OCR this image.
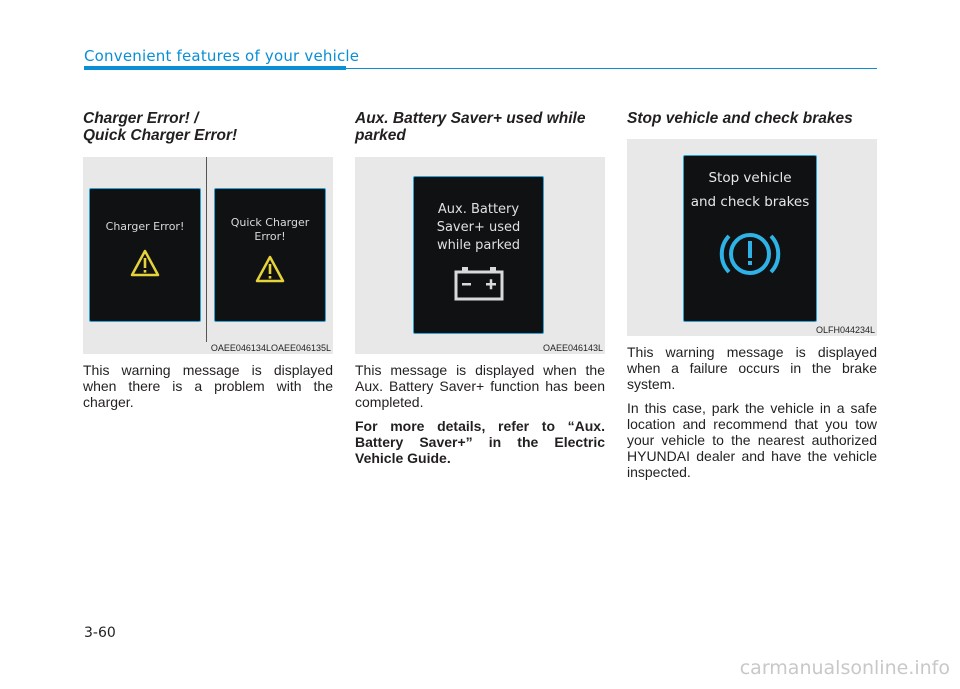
Convenient features of your vehicle
Charger Error! /
Quick Charger Error!
Charger Error!	Quick Charger
Error!
OAEE046134LOAEE046135L

This warning message is displayed when there is a problem with the charger.

Aux. Battery Saver+ used while
parked
Aux. Battery
Saver+ used
while parked
OAEE046143L

This message is displayed when the Aux. Battery Saver+ function has been completed.

For more details, refer to “Aux. Battery Saver+” in the Electric Vehicle Guide.

Stop vehicle and check brakes
Stop vehicle
and check brakes
OLFH044234L

This warning message is displayed when a failure occurs in the brake system.

In this case, park the vehicle in a safe location and recommend that you tow your vehicle to the nearest authorized HYUNDAI dealer and have the vehicle inspected.

3-60
carmanualsonline.info
